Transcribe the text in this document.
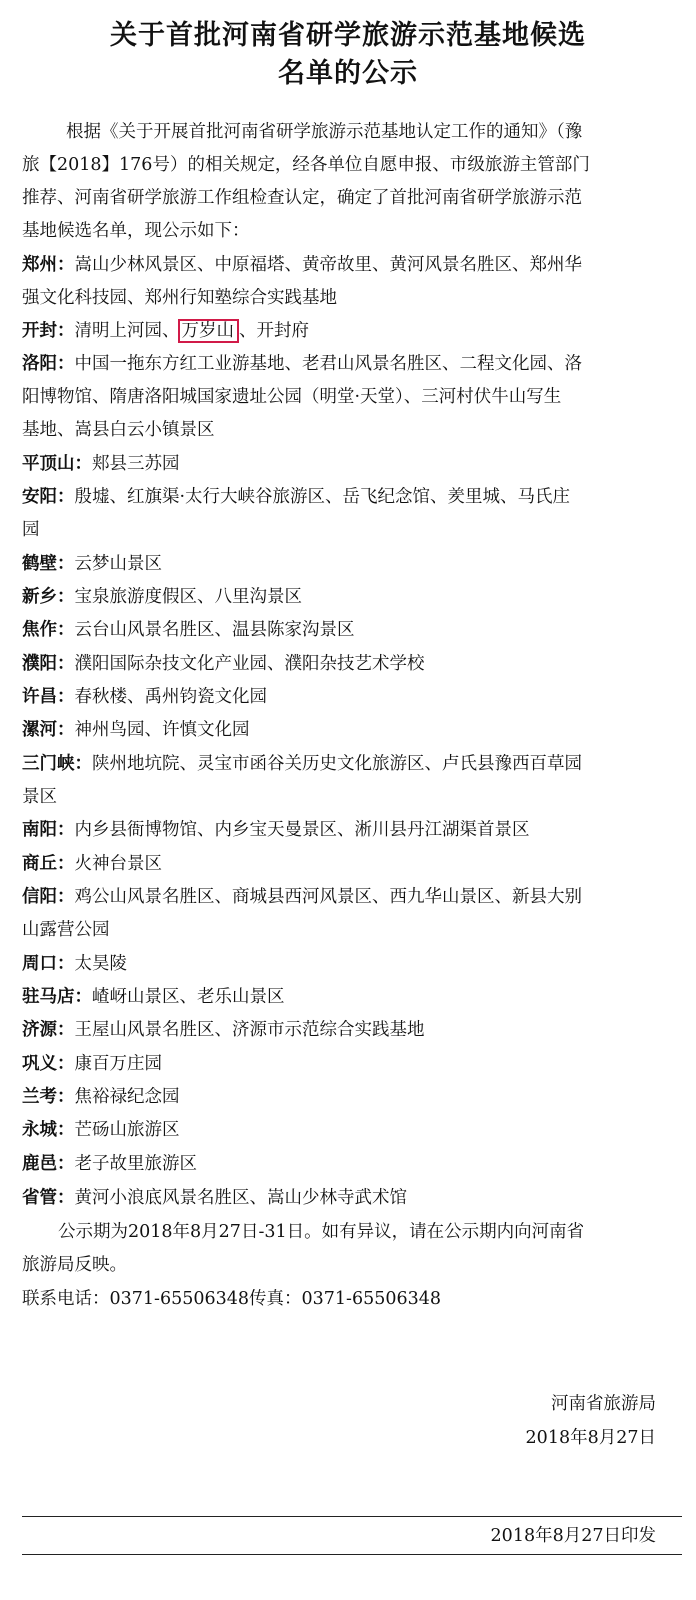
关于首批河南省研学旅游示范基地候选
名单的公示
根据《关于开展首批河南省研学旅游示范基地认定工作的通知》（豫
旅【2018】176号）的相关规定，经各单位自愿申报、市级旅游主管部门
推荐、河南省研学旅游工作组检查认定，确定了首批河南省研学旅游示范
基地候选名单，现公示如下：
郑州：嵩山少林风景区、中原福塔、黄帝故里、黄河风景名胜区、郑州华
强文化科技园、郑州行知塾综合实践基地
开封：清明上河园、 万岁山 、开封府
洛阳：中国一拖东方红工业游基地、老君山风景名胜区、二程文化园、洛
阳博物馆、隋唐洛阳城国家遗址公园（明堂·天堂）、三河村伏牛山写生
基地、嵩县白云小镇景区
平顶山：郏县三苏园
安阳：殷墟、红旗渠·太行大峡谷旅游区、岳飞纪念馆、羑里城、马氏庄
园
鹤壁：云梦山景区
新乡：宝泉旅游度假区、八里沟景区
焦作：云台山风景名胜区、温县陈家沟景区
濮阳：濮阳国际杂技文化产业园、濮阳杂技艺术学校
许昌：春秋楼、禹州钧瓷文化园
漯河：神州鸟园、许慎文化园
三门峡：陕州地坑院、灵宝市函谷关历史文化旅游区、卢氏县豫西百草园
景区
南阳：内乡县衙博物馆、内乡宝天曼景区、淅川县丹江湖渠首景区
商丘：火神台景区
信阳：鸡公山风景名胜区、商城县西河风景区、西九华山景区、新县大别
山露营公园
周口：太昊陵
驻马店：嵖岈山景区、老乐山景区
济源：王屋山风景名胜区、济源市示范综合实践基地
巩义：康百万庄园
兰考：焦裕禄纪念园
永城：芒砀山旅游区
鹿邑：老子故里旅游区
省管：黄河小浪底风景名胜区、嵩山少林寺武术馆
公示期为2018年8月27日-31日。如有异议，请在公示期内向河南省
旅游局反映。
联系电话：0371-65506348传真：0371-65506348
河南省旅游局
2018年8月27日
2018年8月27日印发
